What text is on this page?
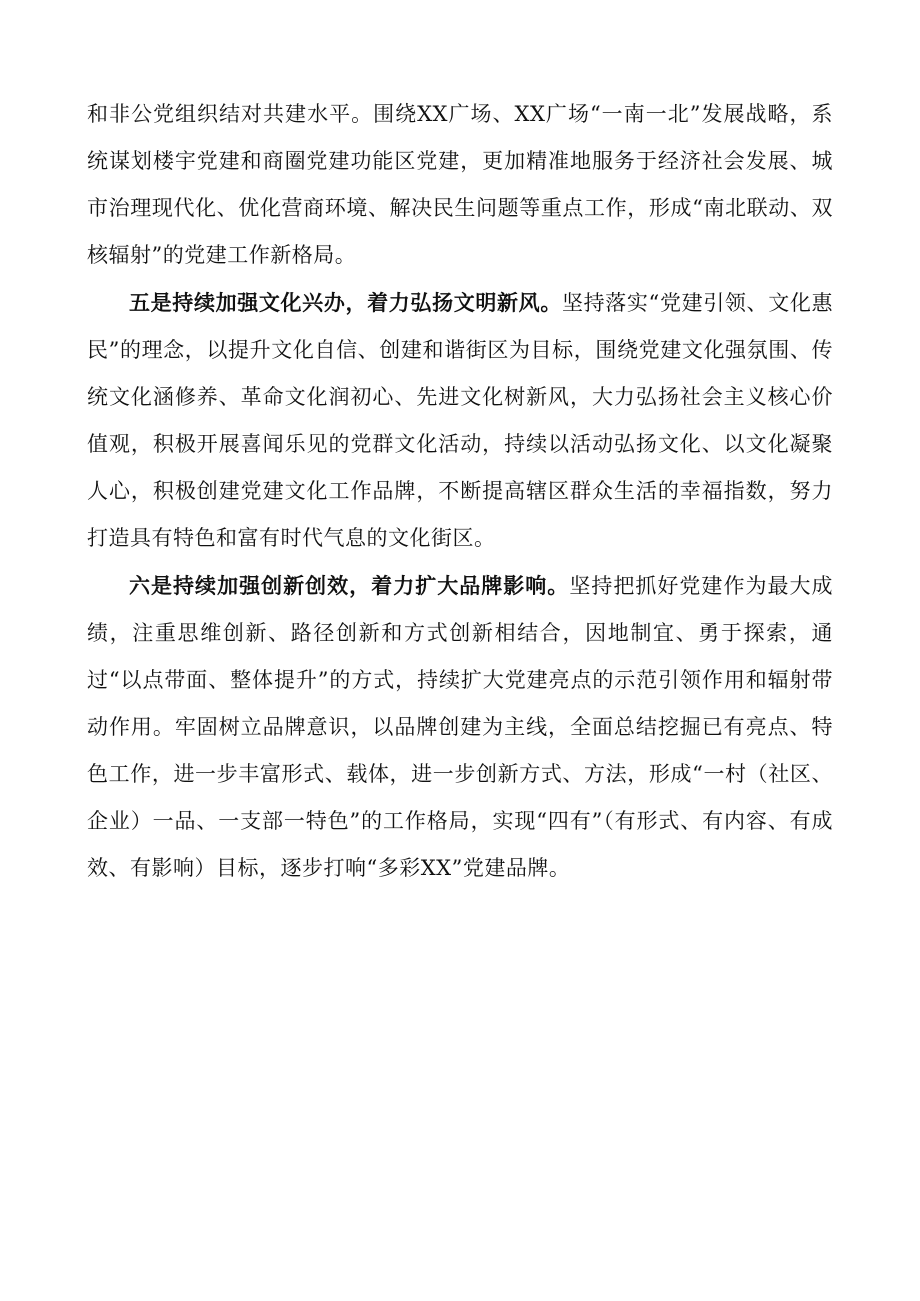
和非公党组织结对共建水平。围绕XX广场、XX广场“一南一北”发展战略，系统谋划楼宇党建和商圈党建功能区党建，更加精准地服务于经济社会发展、城市治理现代化、优化营商环境、解决民生问题等重点工作，形成“南北联动、双核辐射”的党建工作新格局。

五是持续加强文化兴办，着力弘扬文明新风。坚持落实“党建引领、文化惠民”的理念，以提升文化自信、创建和谐街区为目标，围绕党建文化强氛围、传统文化涵修养、革命文化润初心、先进文化树新风，大力弘扬社会主义核心价值观，积极开展喜闻乐见的党群文化活动，持续以活动弘扬文化、以文化凝聚人心，积极创建党建文化工作品牌，不断提高辖区群众生活的幸福指数，努力打造具有特色和富有时代气息的文化街区。

六是持续加强创新创效，着力扩大品牌影响。坚持把抓好党建作为最大成绩，注重思维创新、路径创新和方式创新相结合，因地制宜、勇于探索，通过“以点带面、整体提升”的方式，持续扩大党建亮点的示范引领作用和辐射带动作用。牢固树立品牌意识，以品牌创建为主线，全面总结挖掘已有亮点、特色工作，进一步丰富形式、载体，进一步创新方式、方法，形成“一村（社区、企业）一品、一支部一特色”的工作格局，实现“四有”（有形式、有内容、有成效、有影响）目标，逐步打响“多彩XX”党建品牌。
